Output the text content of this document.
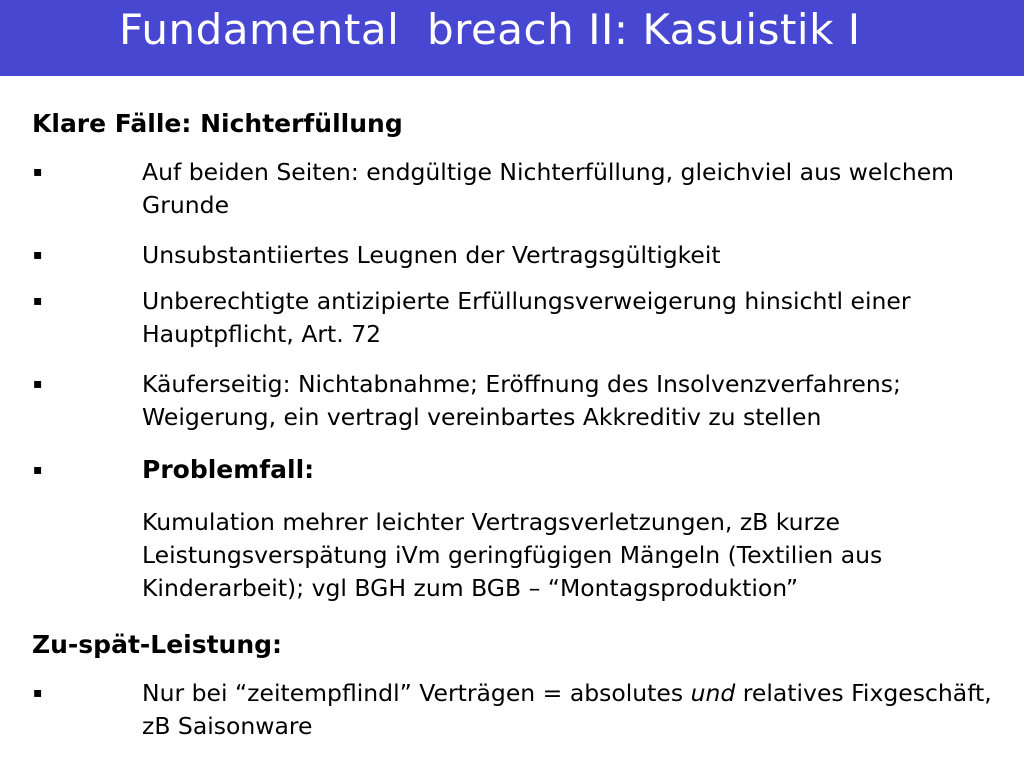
Fundamental  breach II: Kasuistik I
Klare Fälle: Nichterfüllung
▪	Auf beiden Seiten: endgültige Nichterfüllung, gleichviel aus welchem Grunde
▪	Unsubstantiiertes Leugnen der Vertragsgültigkeit
▪	Unberechtigte antizipierte Erfüllungsverweigerung hinsichtl einer Hauptpflicht, Art. 72
▪	Käuferseitig: Nichtabnahme; Eröffnung des Insolvenzverfahrens; Weigerung, ein vertragl vereinbartes Akkreditiv zu stellen
▪	Problemfall:
Kumulation mehrer leichter Vertragsverletzungen, zB kurze Leistungsverspätung iVm geringfügigen Mängeln (Textilien aus Kinderarbeit); vgl BGH zum BGB – “Montagsproduktion”
Zu-spät-Leistung:
▪	Nur bei “zeitempflindl” Verträgen = absolutes und relatives Fixgeschäft, zB Saisonware
